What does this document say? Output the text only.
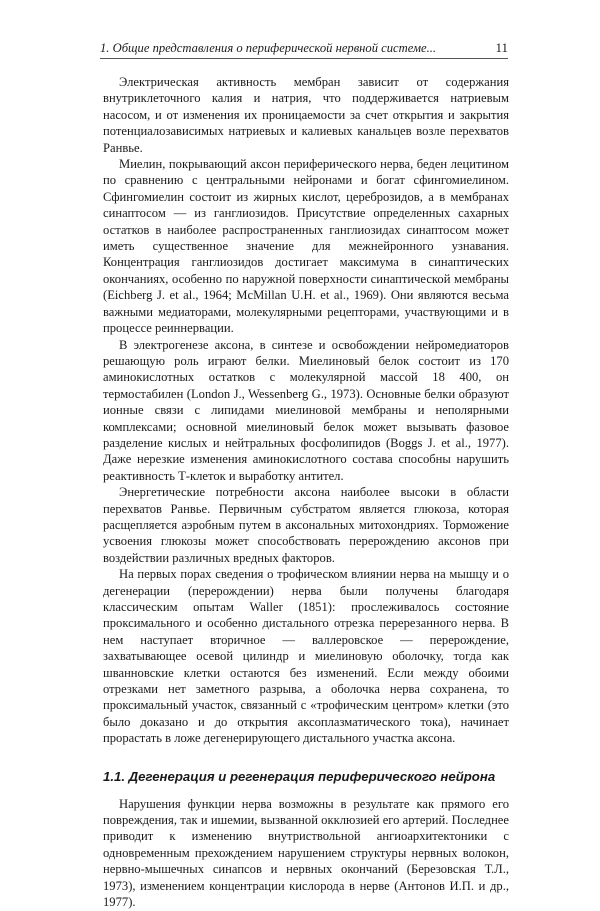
1. Общие представления о периферической нервной системе...	11

Электрическая активность мембран зависит от содержания внутриклеточного калия и натрия, что поддерживается натриевым насосом, и от изменения их проницаемости за счет открытия и закрытия потенциалозависимых натриевых и калиевых канальцев возле перехватов Ранвье.

Миелин, покрывающий аксон периферического нерва, беден лецитином по сравнению с центральными нейронами и богат сфингомиелином. Сфингомиелин состоит из жирных кислот, цереброзидов, а в мембранах синаптосом — из ганглиозидов. Присутствие определенных сахарных остатков в наиболее распространенных ганглиозидах синаптосом может иметь существенное значение для межнейронного узнавания. Концентрация ганглиозидов достигает максимума в синаптических окончаниях, особенно по наружной поверхности синаптической мембраны (Eichberg J. et al., 1964; McMillan U.H. et al., 1969). Они являются весьма важными медиаторами, молекулярными рецепторами, участвующими и в процессе реиннервации.

В электрогенезе аксона, в синтезе и освобождении нейромедиаторов решающую роль играют белки. Миелиновый белок состоит из 170 аминокислотных остатков с молекулярной массой 18 400, он термостабилен (London J., Wessenberg G., 1973). Основные белки образуют ионные связи с липидами миелиновой мембраны и неполярными комплексами; основной миелиновый белок может вызывать фазовое разделение кислых и нейтральных фосфолипидов (Boggs J. et al., 1977). Даже нерезкие изменения аминокислотного состава способны нарушить реактивность Т-клеток и выработку антител.

Энергетические потребности аксона наиболее высоки в области перехватов Ранвье. Первичным субстратом является глюкоза, которая расщепляется аэробным путем в аксональных митохондриях. Торможение усвоения глюкозы может способствовать перерождению аксонов при воздействии различных вредных факторов.

На первых порах сведения о трофическом влиянии нерва на мышцу и о дегенерации (перерождении) нерва были получены благодаря классическим опытам Waller (1851): прослеживалось состояние проксимального и особенно дистального отрезка перерезанного нерва. В нем наступает вторичное — валлеровское — перерождение, захватывающее осевой цилиндр и миелиновую оболочку, тогда как шванновские клетки остаются без изменений. Если между обоими отрезками нет заметного разрыва, а оболочка нерва сохранена, то проксимальный участок, связанный с «трофическим центром» клетки (это было доказано и до открытия аксоплазматического тока), начинает прорастать в ложе дегенерирующего дистального участка аксона.

1.1. Дегенерация и регенерация периферического нейрона

Нарушения функции нерва возможны в результате как прямого его повреждения, так и ишемии, вызванной окклюзией его артерий. Последнее приводит к изменению внутриствольной ангиоархитектоники с одновременным прехождением нарушением структуры нервных волокон, нервно-мышечных синапсов и нервных окончаний (Березовская Т.Л., 1973), изменением концентрации кислорода в нерве (Антонов И.П. и др., 1977).
